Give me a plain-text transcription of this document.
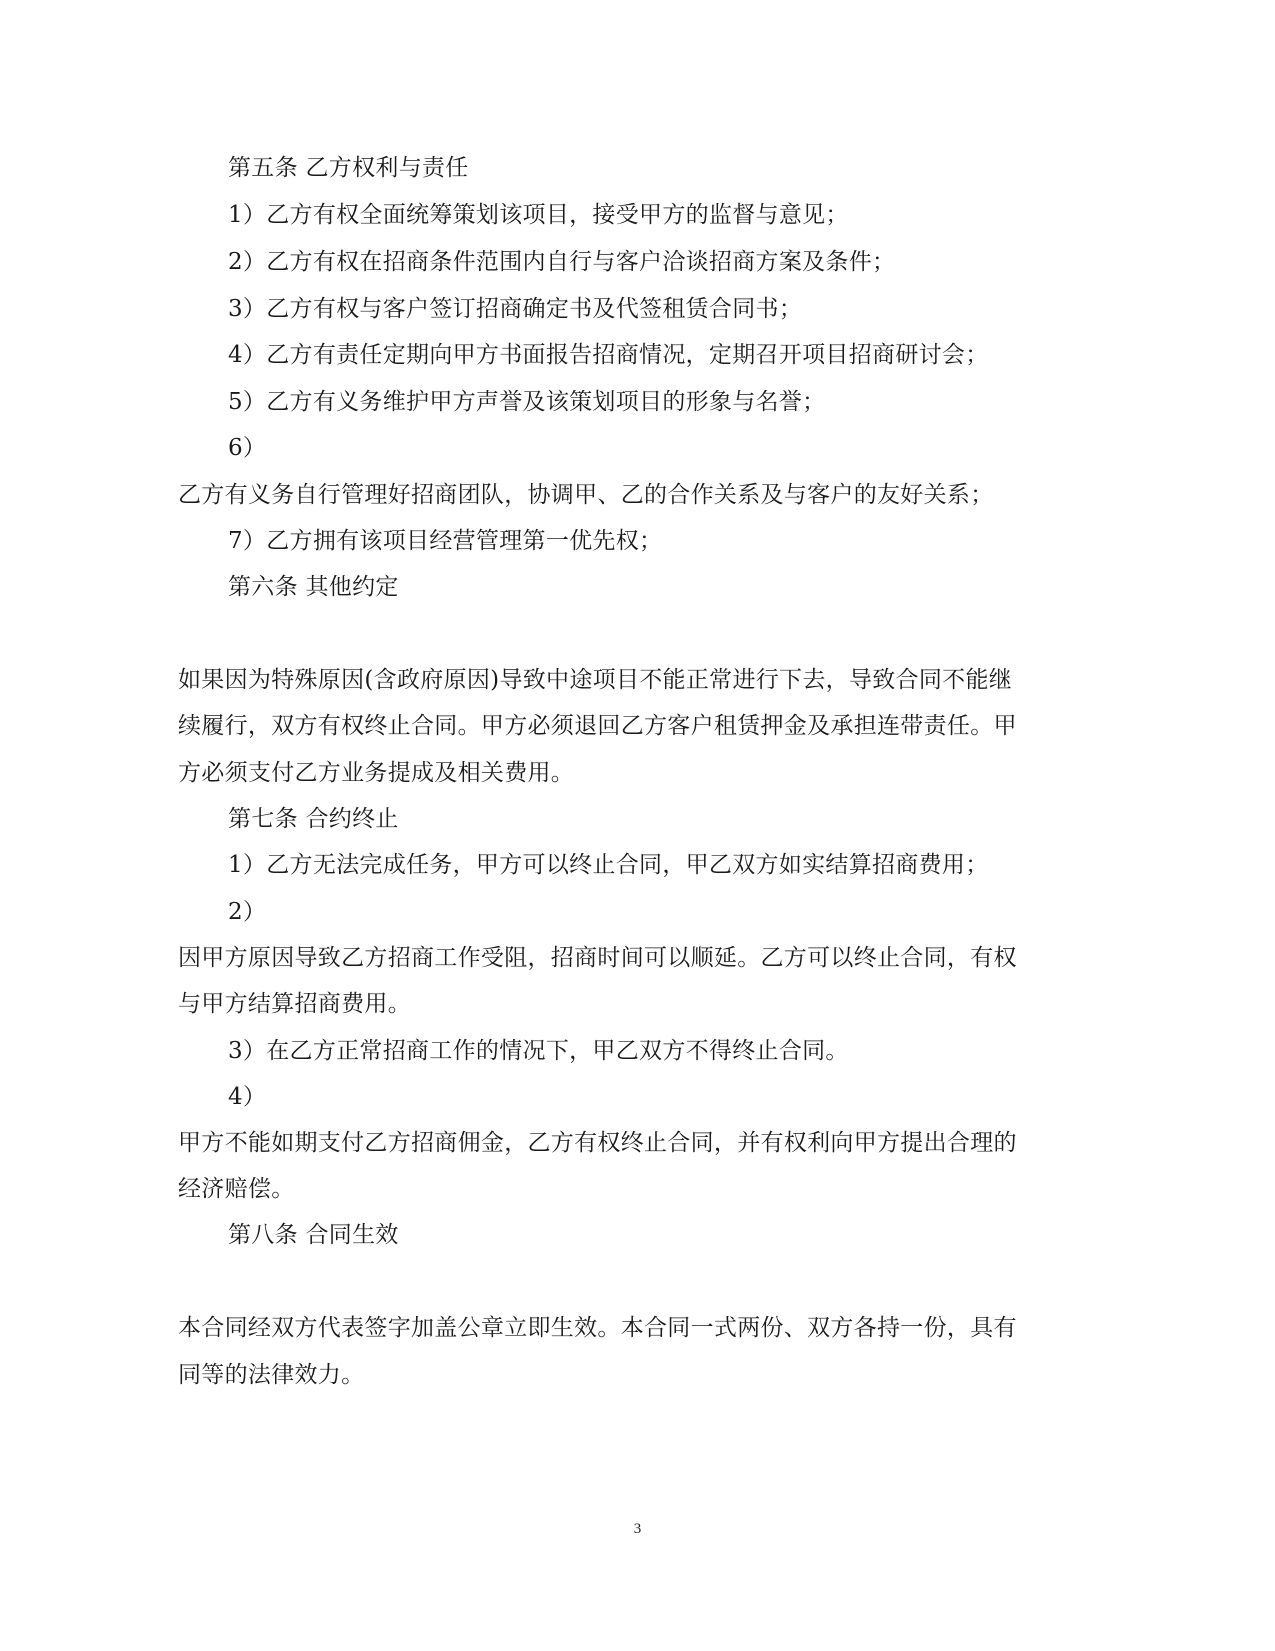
第五条 乙方权利与责任
1）乙方有权全面统筹策划该项目，接受甲方的监督与意见；
2）乙方有权在招商条件范围内自行与客户洽谈招商方案及条件；
3）乙方有权与客户签订招商确定书及代签租赁合同书；
4）乙方有责任定期向甲方书面报告招商情况，定期召开项目招商研讨会；
5）乙方有义务维护甲方声誉及该策划项目的形象与名誉；
6）
乙方有义务自行管理好招商团队，协调甲、乙的合作关系及与客户的友好关系；
7）乙方拥有该项目经营管理第一优先权；
第六条 其他约定
如果因为特殊原因(含政府原因)导致中途项目不能正常进行下去，导致合同不能继
续履行，双方有权终止合同。甲方必须退回乙方客户租赁押金及承担连带责任。甲
方必须支付乙方业务提成及相关费用。
第七条 合约终止
1）乙方无法完成任务，甲方可以终止合同，甲乙双方如实结算招商费用；
2）
因甲方原因导致乙方招商工作受阻，招商时间可以顺延。乙方可以终止合同，有权
与甲方结算招商费用。
3）在乙方正常招商工作的情况下，甲乙双方不得终止合同。
4）
甲方不能如期支付乙方招商佣金，乙方有权终止合同，并有权利向甲方提出合理的
经济赔偿。
第八条 合同生效
本合同经双方代表签字加盖公章立即生效。本合同一式两份、双方各持一份，具有
同等的法律效力。
3
